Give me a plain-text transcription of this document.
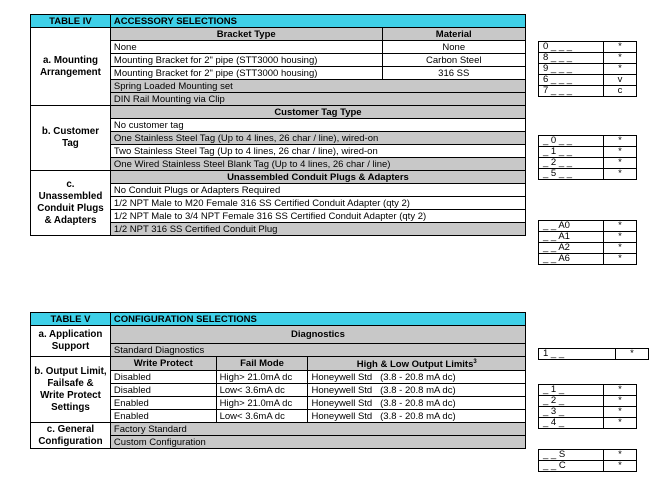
TABLE IV	ACCESSORY SELECTIONS	
a. Mounting Arrangement	Bracket Type	Material
	None	None
	Mounting Bracket for 2" pipe (STT3000 housing)	Carbon Steel
	Mounting Bracket for 2" pipe (STT3000 housing)	316 SS
	Spring Loaded Mounting set	
	DIN Rail Mounting via Clip	
b. Customer Tag	Customer Tag Type	
	No customer tag	
	One Stainless Steel Tag (Up to 4 lines, 26 char / line), wired-on	
	Two Stainless Steel Tag (Up to 4 lines, 26 char / line), wired-on	
	One Wired Stainless Steel Blank Tag (Up to 4 lines, 26 char / line)	
c. Unassembled Conduit Plugs & Adapters	Unassembled Conduit Plugs & Adapters	
	No Conduit Plugs or Adapters Required	
	1/2 NPT Male to M20 Female 316 SS Certified Conduit Adapter (qty 2)	
	1/2 NPT Male to 3/4 NPT Female 316 SS Certified Conduit Adapter (qty 2)	
	1/2 NPT 316 SS Certified Conduit Plug	
0 _ _ _	*
8 _ _ _	*
9 _ _ _	*
6 _ _ _	v
7 _ _ _	c
_ 0 _ _	*
_ 1 _ _	*
_ 2 _ _	*
_ 5 _ _	*
_ _ A0	*
_ _ A1	*
_ _ A2	*
_ _ A6	*
TABLE V	CONFIGURATION SELECTIONS		
a. Application Support	Diagnostics		
	Standard Diagnostics		
b. Output Limit, Failsafe & Write Protect Settings	Write Protect	Fail Mode	High & Low Output Limits$^3$
	Disabled	High> 21.0mA dc	Honeywell Std   (3.8 - 20.8 mA dc)
	Disabled	Low< 3.6mA dc	Honeywell Std   (3.8 - 20.8 mA dc)
	Enabled	High> 21.0mA dc	Honeywell Std   (3.8 - 20.8 mA dc)
	Enabled	Low< 3.6mA dc	Honeywell Std   (3.8 - 20.8 mA dc)
c. General Configuration	Factory Standard		
	Custom Configuration		
1 _ _	*
_ 1 _	*
_ 2 _	*
_ 3 _	*
_ 4 _	*
_ _ S	*
_ _ C	*
